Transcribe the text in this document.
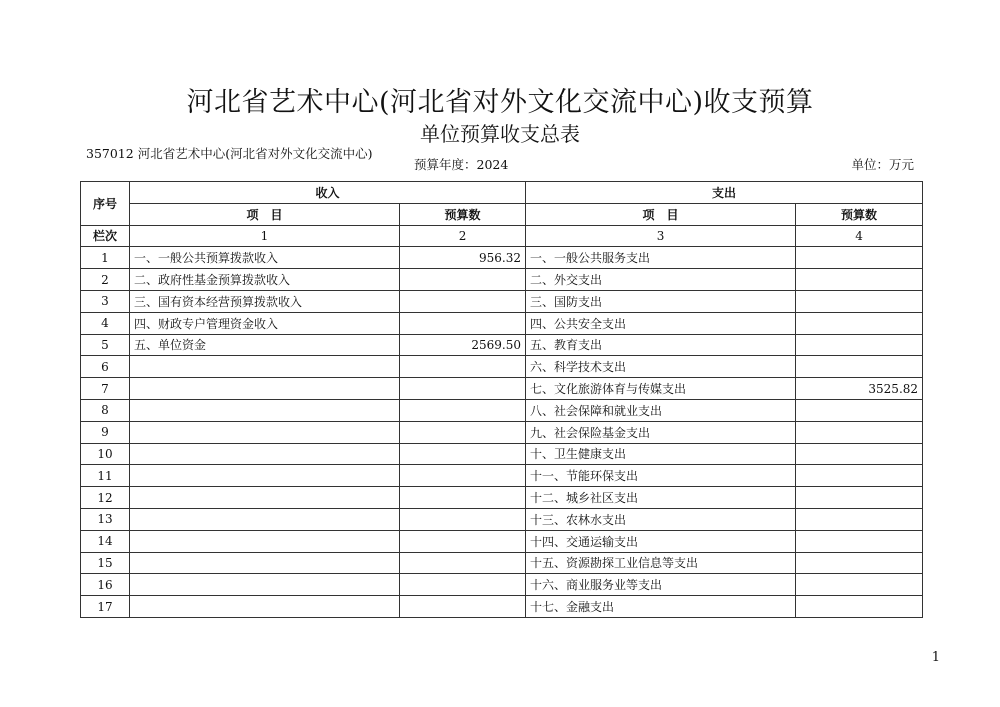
河北省艺术中心(河北省对外文化交流中心)收支预算
单位预算收支总表
357012 河北省艺术中心(河北省对外文化交流中心)
预算年度：2024	单位：万元
序号	收入		支出	
	项　目	预算数	项　目	预算数
栏次	1	2	3	4
1	一、一般公共预算拨款收入	956.32	一、一般公共服务支出	
2	二、政府性基金预算拨款收入		二、外交支出	
3	三、国有资本经营预算拨款收入		三、国防支出	
4	四、财政专户管理资金收入		四、公共安全支出	
5	五、单位资金	2569.50	五、教育支出	
6			六、科学技术支出	
7			七、文化旅游体育与传媒支出	3525.82
8			八、社会保障和就业支出	
9			九、社会保险基金支出	
10			十、卫生健康支出	
11			十一、节能环保支出	
12			十二、城乡社区支出	
13			十三、农林水支出	
14			十四、交通运输支出	
15			十五、资源勘探工业信息等支出	
16			十六、商业服务业等支出	
17			十七、金融支出	
1
